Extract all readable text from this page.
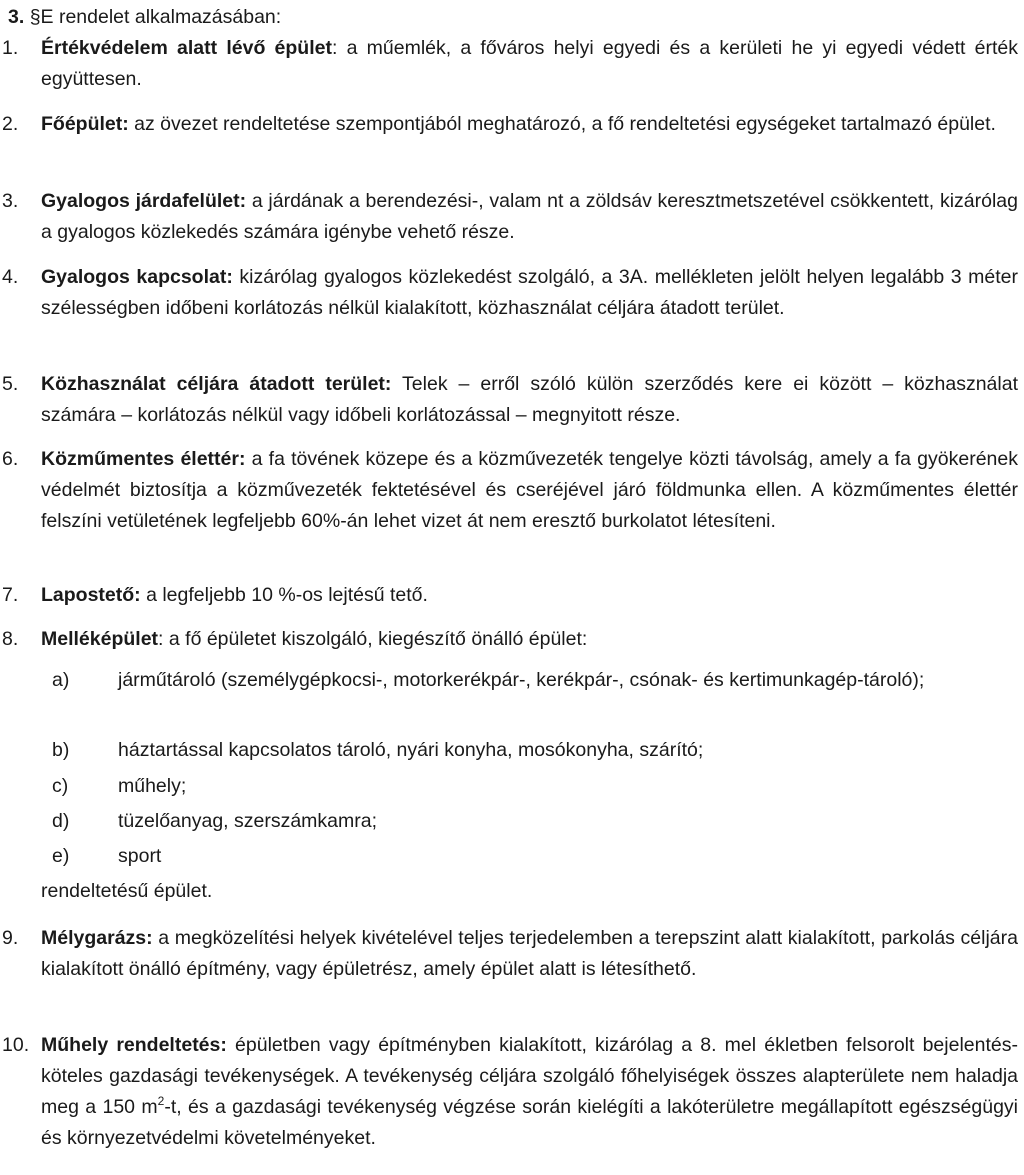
3. §E rendelet alkalmazásában:

1.	Értékvédelem alatt lévő épület: a műemlék, a főváros helyi egyedi és a kerületi he yi egyedi védett érték együttesen.
2.	Főépület: az övezet rendeltetése szempontjából meghatározó, a fő rendeltetési egységeket tartalmazó épület.
3.	Gyalogos járdafelület: a járdának a berendezési-, valam nt a zöldsáv keresztmetszetével csökkentett, kizárólag a gyalogos közlekedés számára igénybe vehető része.
4.	Gyalogos kapcsolat: kizárólag gyalogos közlekedést szolgáló, a 3A. mellékleten jelölt helyen legalább 3 méter szélességben időbeni korlátozás nélkül kialakított, közhasználat céljára átadott terület.
5.	Közhasználat céljára átadott terület: Telek – erről szóló külön szerződés kere ei között – közhasználat számára – korlátozás nélkül vagy időbeli korlátozással – megnyitott része.
6.	Közműmentes élettér: a fa tövének közepe és a közművezeték tengelye közti távolság, amely a fa gyökerének védelmét biztosítja a közművezeték fektetésével és cseréjével járó földmunka ellen. A közműmentes élettér felszíni vetületének legfeljebb 60%-án lehet vizet át nem eresztő burkolatot létesíteni.
7.	Lapostető: a legfeljebb 10 %-os lejtésű tető.
8.	Melléképület: a fő épületet kiszolgáló, kiegészítő önálló épület:
a)	járműtároló (személygépkocsi-, motorkerékpár-, kerékpár-, csónak- és kertimunkagép-tároló);
b)	háztartással kapcsolatos tároló, nyári konyha, mosókonyha, szárító;
c)	műhely;
d)	tüzelőanyag, szerszámkamra;
e)	sport
rendeltetésű épület.
9.	Mélygarázs: a megközelítési helyek kivételével teljes terjedelemben a terepszint alatt kialakított, parkolás céljára kialakított önálló építmény, vagy épületrész, amely épület alatt is létesíthető.
10. Műhely rendeltetés: épületben vagy építményben kialakított, kizárólag a 8. mel ékletben felsorolt bejelentés-köteles gazdasági tevékenységek. A tevékenység céljára szolgáló főhelyiségek összes alapterülete nem haladja meg a 150 $m^2-t$, és a gazdasági tevékenység végzése során kielégíti a lakóterületre megállapított egészségügyi és környezetvédelmi követelményeket.
